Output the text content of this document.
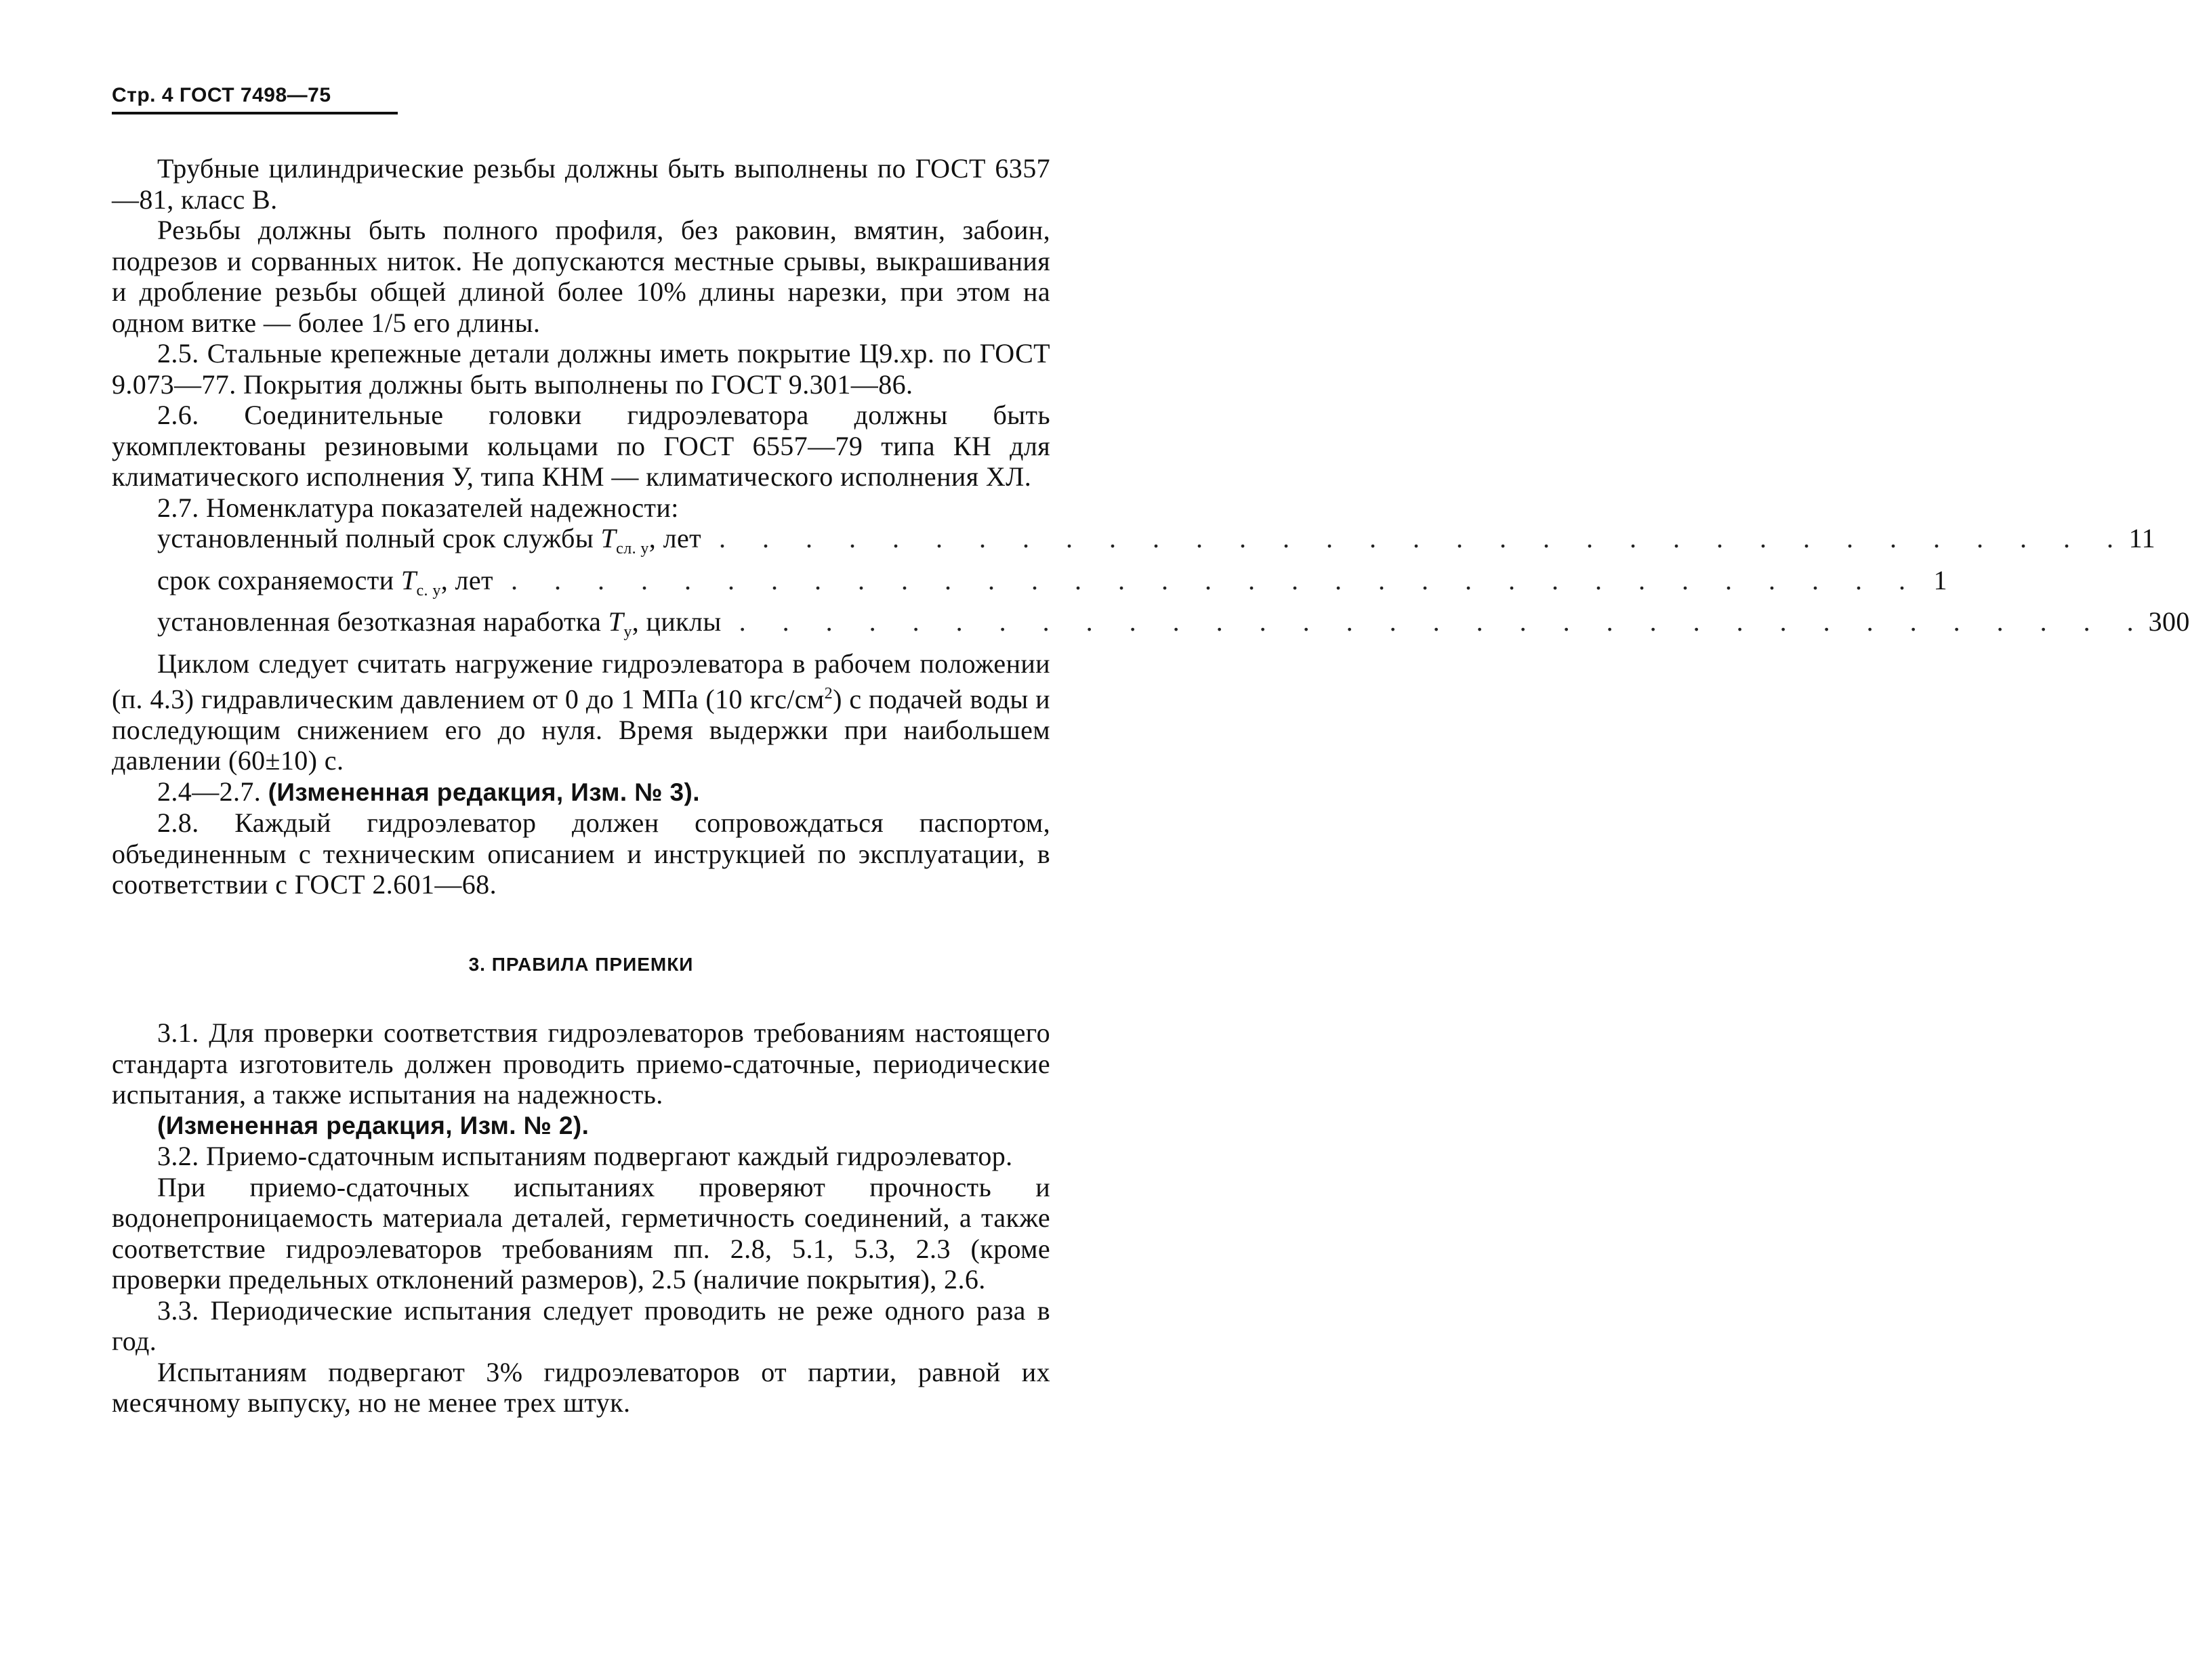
Стр. 4 ГОСТ 7498—75

Трубные цилиндрические резьбы должны быть выполнены по ГОСТ 6357—81, класс В.

Резьбы должны быть полного профиля, без раковин, вмятин, забоин, подрезов и сорванных ниток. Не допускаются местные срывы, выкрашивания и дробление резьбы общей длиной более 10% длины нарезки, при этом на одном витке — более 1/5 его длины.

2.5. Стальные крепежные детали должны иметь покрытие Ц9.хр. по ГОСТ 9.073—77. Покрытия должны быть выполнены по ГОСТ 9.301—86.

2.6. Соединительные головки гидроэлеватора должны быть укомплектованы резиновыми кольцами по ГОСТ 6557—79 типа КН для климатического исполнения У, типа КНМ — климатического исполнения ХЛ.

2.7. Номенклатура показателей надежности:

установленный полный срок службы $T_{сл. у}$, лет . . . . . . . . . . . . . . . . . . . . . . . . . . . . . . . . . 11
срок сохраняемости $T_{с. у}$, лет . . . . . . . . . . . . . . . . . . . . . . . . . . . . . . . . . 1
установленная безотказная наработка $T_у$, циклы . . . . . . . . . . . . . . . . . . . . . . . . . . . . . . . . . 300

Циклом следует считать нагружение гидроэлеватора в рабочем положении (п. 4.3) гидравлическим давлением от 0 до 1 МПа (10 кгс/$см^2$) с подачей воды и последующим снижением его до нуля. Время выдержки при наибольшем давлении (60±10) с.

2.4—2.7. (Измененная редакция, Изм. № 3).

2.8. Каждый гидроэлеватор должен сопровождаться паспортом, объединенным с техническим описанием и инструкцией по эксплуатации, в соответствии с ГОСТ 2.601—68.

3. ПРАВИЛА ПРИЕМКИ

3.1. Для проверки соответствия гидроэлеваторов требованиям настоящего стандарта изготовитель должен проводить приемо-сдаточные, периодические испытания, а также испытания на надежность.

(Измененная редакция, Изм. № 2).

3.2. Приемо-сдаточным испытаниям подвергают каждый гидроэлеватор.

При приемо-сдаточных испытаниях проверяют прочность и водонепроницаемость материала деталей, герметичность соединений, а также соответствие гидроэлеваторов требованиям пп. 2.8, 5.1, 5.3, 2.3 (кроме проверки предельных отклонений размеров), 2.5 (наличие покрытия), 2.6.

3.3. Периодические испытания следует проводить не реже одного раза в год.

Испытаниям подвергают 3% гидроэлеваторов от партии, равной их месячному выпуску, но не менее трех штук.
